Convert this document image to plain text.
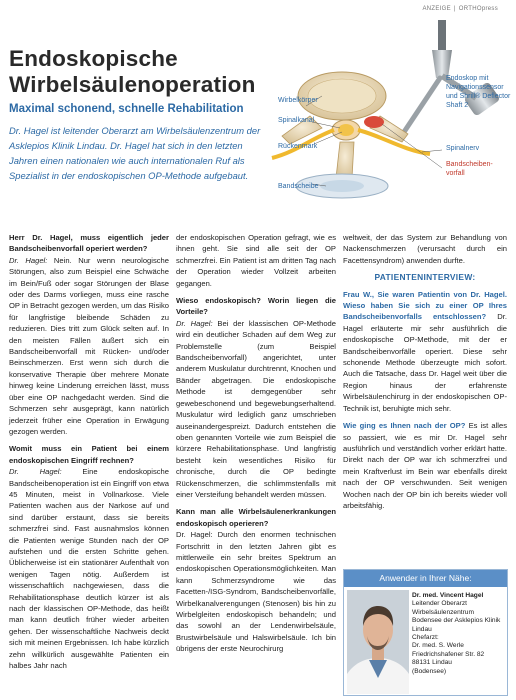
ANZEIGE | ORTHOpress
Endoskopische
Wirbelsäulenoperation
Maximal schonend, schnelle Rehabilitation
Dr. Hagel ist leitender Oberarzt am Wirbelsäulenzentrum der Asklepios Klinik Lindau. Dr. Hagel hat sich in den letzten Jahren einen nationalen wie auch internationalen Ruf als Spezialist in der endoskopischen OP-Methode aufgebaut.
Wirbelkörper
Spinalkanal
Rückenmark
Bandscheibe
Endoskop mit Navigationssensor und Shrill® Deflector Shaft 2
Spinalnerv
Bandscheiben-vorfall
Herr Dr. Hagel, muss eigentlich jeder Bandscheibenvorfall operiert werden?

Dr. Hagel: Nein. Nur wenn neurologische Störungen, also zum Beispiel eine Schwäche im Bein/Fuß oder sogar Störungen der Blase oder des Darms vorliegen, muss eine rasche OP in Betracht gezogen werden, um das Risiko für langfristige bleibende Schäden zu reduzieren. Dies tritt zum Glück selten auf. In den meisten Fällen äußert sich ein Bandscheibenvorfall mit Rücken- und/oder Beinschmerzen. Erst wenn sich durch die konservative Therapie über mehrere Monate hinweg keine Linderung erreichen lässt, muss über eine OP nachgedacht werden. Sind die Schmerzen sehr ausgeprägt, kann natürlich jederzeit früher eine Operation in Erwägung gezogen werden.

Womit muss ein Patient bei einem endoskopischen Eingriff rechnen?

Dr. Hagel: Eine endoskopische Bandscheibenoperation ist ein Eingriff von etwa 45 Minuten, meist in Vollnarkose. Viele Patienten wachen aus der Narkose auf und sind darüber erstaunt, dass sie bereits schmerzfrei sind. Fast ausnahmslos können die Patienten wenige Stunden nach der OP aufstehen und die ersten Schritte gehen. Üblicherweise ist ein stationärer Aufenthalt von wenigen Tagen nötig. Außerdem ist wissenschaftlich nachgewiesen, dass die Rehabilitationsphase deutlich kürzer ist als nach der klassischen OP-Methode, das heißt man kann deutlich früher wieder arbeiten gehen. Der wissenschaftliche Nachweis deckt sich mit meinen Ergebnissen. Ich habe kürzlich zehn willkürlich ausgewählte Patienten ein halbes Jahr nach

der endoskopischen Operation gefragt, wie es ihnen geht. Sie sind alle seit der OP schmerzfrei. Ein Patient ist am dritten Tag nach der Operation wieder Vollzeit arbeiten gegangen.

Wieso endoskopisch? Worin liegen die Vorteile?

Dr. Hagel: Bei der klassischen OP-Methode wird ein deutlicher Schaden auf dem Weg zur Problemstelle (zum Beispiel Bandscheibenvorfall) angerichtet, unter anderem Muskulatur durchtrennt, Knochen und Bänder abgetragen. Die endoskopische Methode ist demgegenüber sehr gewebeschonend und begewebungserhaltend. Muskulatur wird lediglich ganz umschrieben auseinandergespreizt. Dadurch entstehen die oben genannten Vorteile wie zum Beispiel die kürzere Rehabilitationsphase. Und langfristig besteht kein wesentliches Risiko für chronische, durch die OP bedingte Rückenschmerzen, die schlimmstenfalls mit einer Versteifung behandelt werden müssen.

Kann man alle Wirbelsäulenerkrankungen endoskopisch operieren?

Dr. Hagel: Durch den enormen technischen Fortschritt in den letzten Jahren gibt es mittlerweile ein sehr breites Spektrum an endoskopischen Operationsmöglichkeiten. Man kann Schmerzsyndrome wie das Facetten-/ISG-Syndrom, Bandscheibenvorfälle, Wirbelkanalverengungen (Stenosen) bis hin zu Wirbelgleiten endoskopisch behandeln; und das sowohl an der Lendenwirbelsäule, Brustwirbelsäule und Halswirbelsäule. Ich bin übrigens der erste Neurochirurg

weltweit, der das System zur Behandlung von Nackenschmerzen (verursacht durch ein Facettensyndrom) anwenden durfte.

PATIENTENINTERVIEW:

Frau W., Sie waren Patientin von Dr. Hagel. Wieso haben Sie sich zu einer OP Ihres Bandscheibenvorfalls entschlossen? Dr. Hagel erläuterte mir sehr ausführlich die endoskopische OP-Methode, mit der er Bandscheibenvorfälle operiert. Diese sehr schonende Methode überzeugte mich sofort. Auch die Tatsache, dass Dr. Hagel weit über die Region hinaus der erfahrenste Wirbelsäulenchirurg in der endoskopischen OP-Technik ist, beruhigte mich sehr.

Wie ging es Ihnen nach der OP? Es ist alles so passiert, wie es mir Dr. Hagel sehr ausführlich und verständlich vorher erklärt hatte. Direkt nach der OP war ich schmerzfrei und mein Kraftverlust im Bein war ebenfalls direkt nach der OP verschwunden. Seit wenigen Wochen nach der OP bin ich bereits wieder voll arbeitsfähig.

Anwender in Ihrer Nähe:
Dr. med. Vincent Hagel
Leitender Oberarzt
Wirbelsäulenzentrum
Bodensee der Asklepios Klinik Lindau
Chefarzt:
Dr. med. S. Werle
Friedrichshafener Str. 82
88131 Lindau
(Bodensee)
